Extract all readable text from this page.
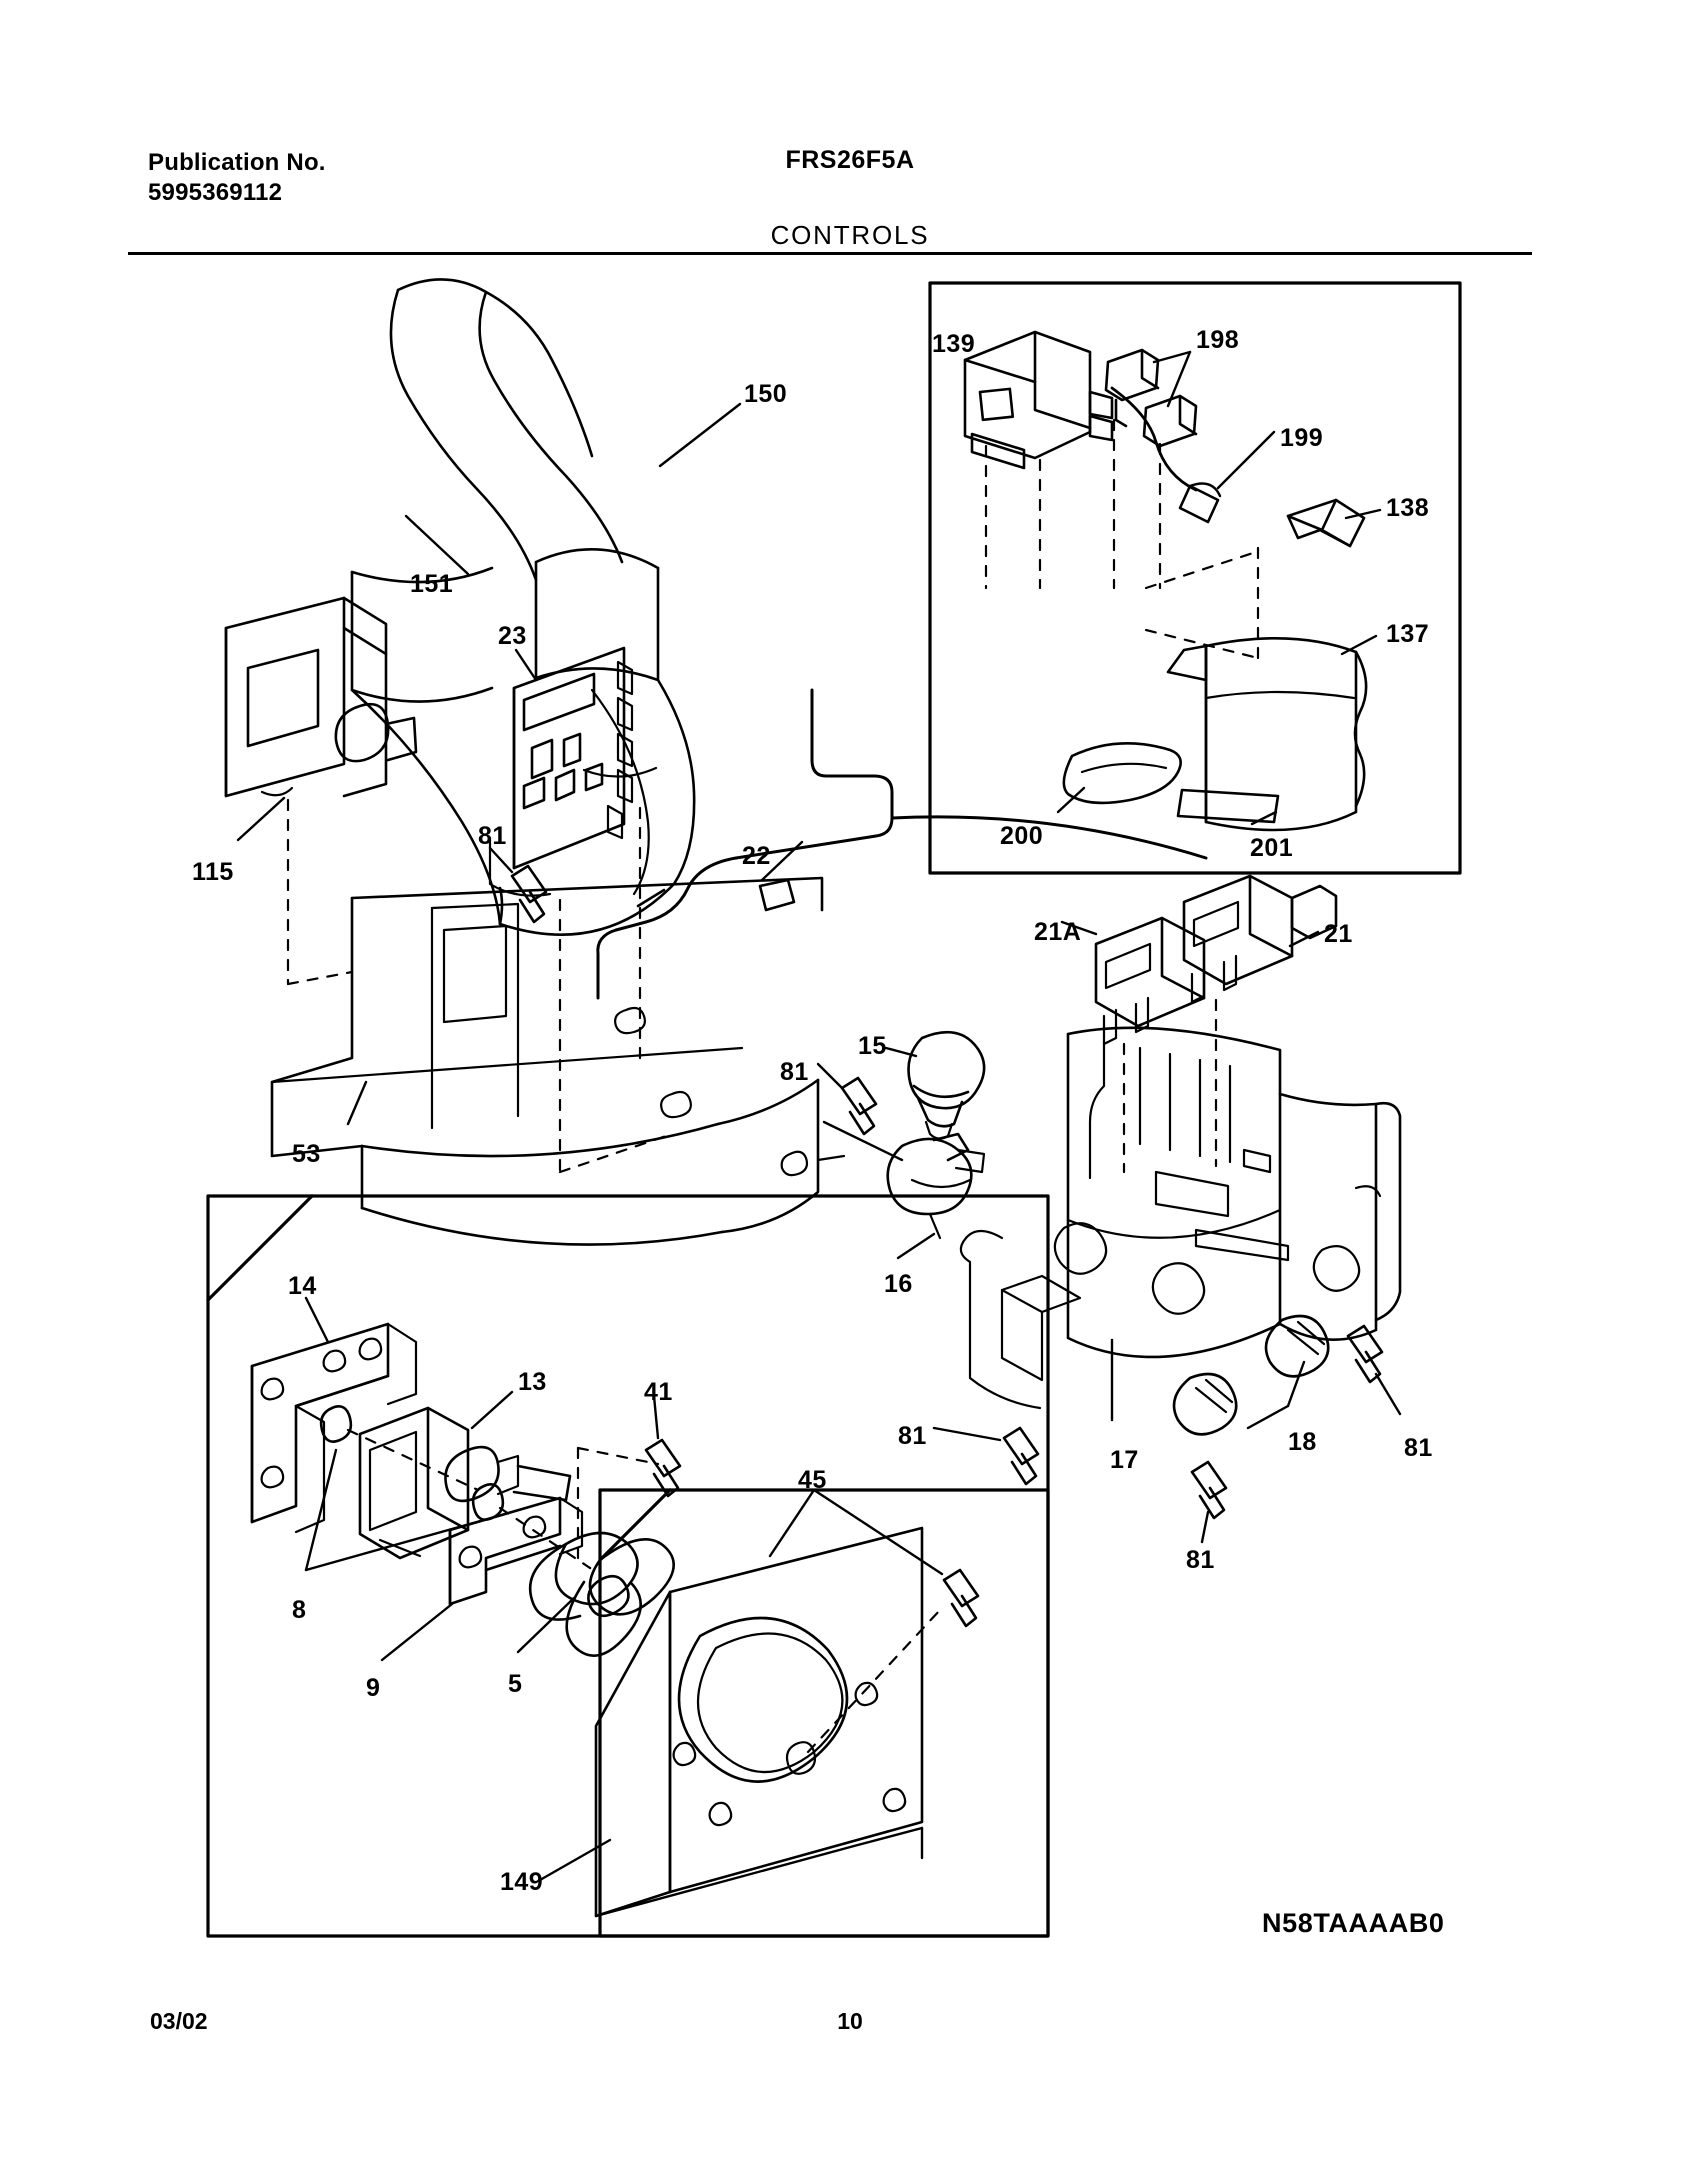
Publication No.
5995369112
FRS26F5A
CONTROLS
150
151
23
115
81
22
53
15
81
16
21A	21
139	198
199
138
137
200	201
81
17
81
18	81
14
13	41
45
8
9	5
149
N58TAAAAB0
03/02	10
